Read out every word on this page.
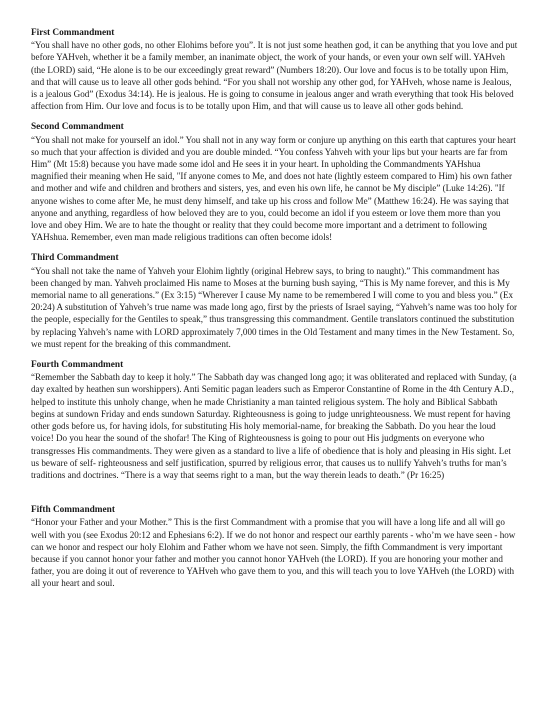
First Commandment

“You shall have no other gods, no other Elohims before you”. It is not just some heathen god, it can be anything that you love and put before YAHveh, whether it be a family member, an inanimate object, the work of your hands, or even your own self will. YAHveh (the LORD) said, “He alone is to be our exceedingly great reward” (Numbers 18:20). Our love and focus is to be totally upon Him, and that will cause us to leave all other gods behind. “For you shall not worship any other god, for YAHveh, whose name is Jealous, is a jealous God” (Exodus 34:14). He is jealous. He is going to consume in jealous anger and wrath everything that took His beloved affection from Him. Our love and focus is to be totally upon Him, and that will cause us to leave all other gods behind.

Second Commandment

“You shall not make for yourself an idol.” You shall not in any way form or conjure up anything on this earth that captures your heart so much that your affection is divided and you are double minded. “You confess Yahveh with your lips but your hearts are far from Him” (Mt 15:8) because you have made some idol and He sees it in your heart. In upholding the Commandments YAHshua magnified their meaning when He said, "If anyone comes to Me, and does not hate (lightly esteem compared to Him) his own father and mother and wife and children and brothers and sisters, yes, and even his own life, he cannot be My disciple” (Luke 14:26). "If anyone wishes to come after Me, he must deny himself, and take up his cross and follow Me” (Matthew 16:24). He was saying that anyone and anything, regardless of how beloved they are to you, could become an idol if you esteem or love them more than you love and obey Him. We are to hate the thought or reality that they could become more important and a detriment to following YAHshua. Remember, even man made religious traditions can often become idols!

Third Commandment

“You shall not take the name of Yahveh your Elohim lightly (original Hebrew says, to bring to naught).” This commandment has been changed by man. Yahveh proclaimed His name to Moses at the burning bush saying, “This is My name forever, and this is My memorial name to all generations.” (Ex 3:15) “Wherever I cause My name to be remembered I will come to you and bless you.” (Ex 20:24) A substitution of Yahveh’s true name was made long ago, first by the priests of Israel saying, “Yahveh’s name was too holy for the people, especially for the Gentiles to speak,” thus transgressing this commandment. Gentile translators continued the substitution by replacing Yahveh’s name with LORD approximately 7,000 times in the Old Testament and many times in the New Testament. So, we must repent for the breaking of this commandment.

Fourth Commandment

“Remember the Sabbath day to keep it holy.” The Sabbath day was changed long ago; it was obliterated and replaced with Sunday, (a day exalted by heathen sun worshippers). Anti Semitic pagan leaders such as Emperor Constantine of Rome in the 4th Century A.D., helped to institute this unholy change, when he made Christianity a man tainted religious system. The holy and Biblical Sabbath begins at sundown Friday and ends sundown Saturday. Righteousness is going to judge unrighteousness. We must repent for having other gods before us, for having idols, for substituting His holy memorial-name, for breaking the Sabbath. Do you hear the loud voice! Do you hear the sound of the shofar! The King of Righteousness is going to pour out His judgments on everyone who transgresses His commandments. They were given as a standard to live a life of obedience that is holy and pleasing in His sight. Let us beware of self- righteousness and self justification, spurred by religious error, that causes us to nullify Yahveh’s truths for man’s traditions and doctrines. “There is a way that seems right to a man, but the way therein leads to death.” (Pr 16:25)

Fifth Commandment

“Honor your Father and your Mother.” This is the first Commandment with a promise that you will have a long life and all will go well with you (see Exodus 20:12 and Ephesians 6:2). If we do not honor and respect our earthly parents - who’m we have seen - how can we honor and respect our holy Elohim and Father whom we have not seen. Simply, the fifth Commandment is very important because if you cannot honor your father and mother you cannot honor YAHveh (the LORD). If you are honoring your mother and father, you are doing it out of reverence to YAHveh who gave them to you, and this will teach you to love YAHveh (the LORD) with all your heart and soul.
